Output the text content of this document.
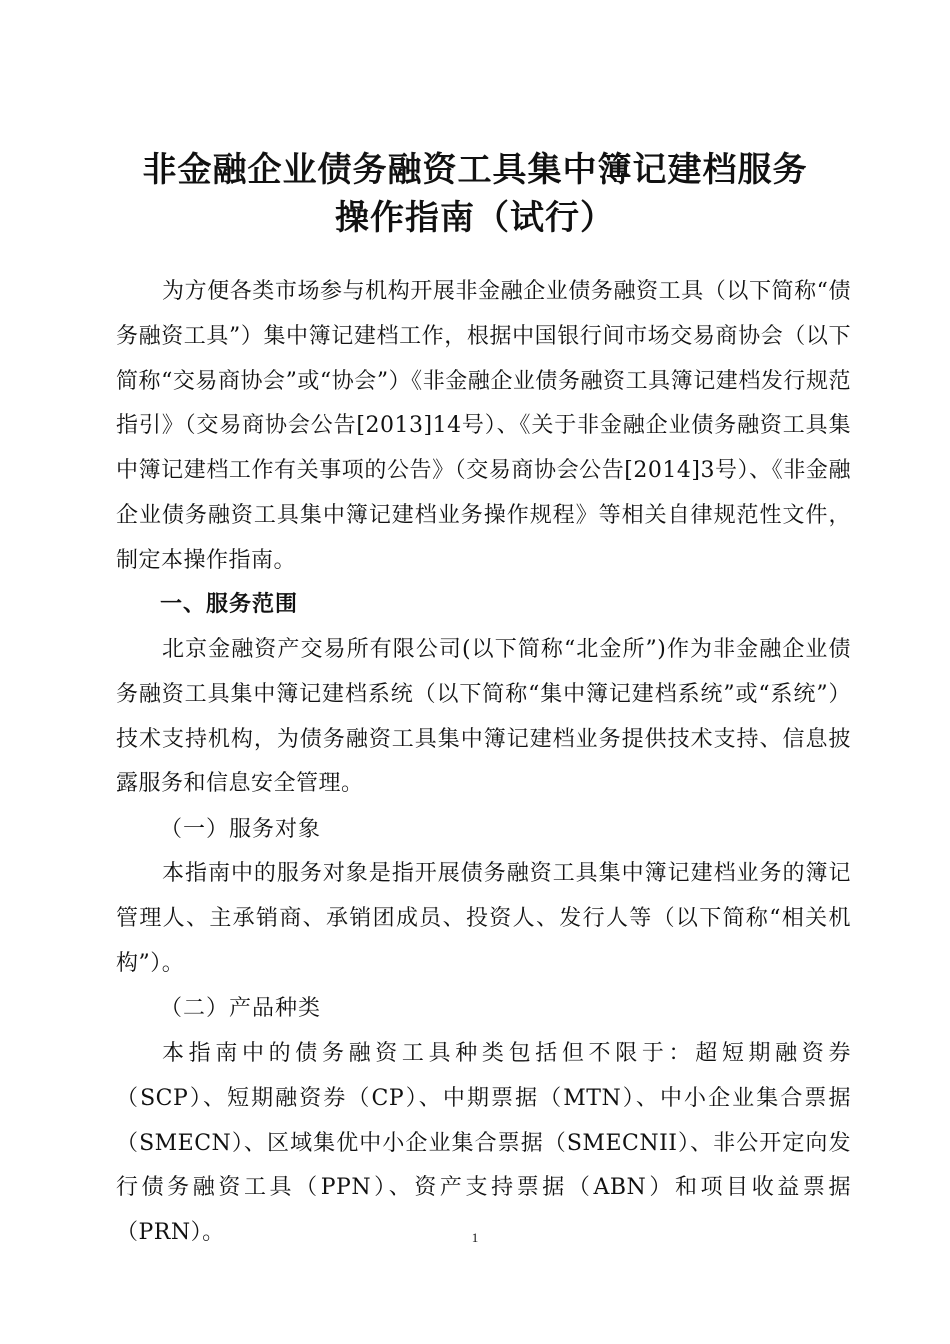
非金融企业债务融资工具集中簿记建档服务
操作指南（试行）

为方便各类市场参与机构开展非金融企业债务融资工具（以下简称“债务融资工具”）集中簿记建档工作，根据中国银行间市场交易商协会（以下简称“交易商协会”或“协会”）《非金融企业债务融资工具簿记建档发行规范指引》（交易商协会公告[2013]14号）、《关于非金融企业债务融资工具集中簿记建档工作有关事项的公告》（交易商协会公告[2014]3号）、《非金融企业债务融资工具集中簿记建档业务操作规程》等相关自律规范性文件，制定本操作指南。

一、服务范围

北京金融资产交易所有限公司(以下简称“北金所”)作为非金融企业债务融资工具集中簿记建档系统（以下简称“集中簿记建档系统”或“系统”）技术支持机构，为债务融资工具集中簿记建档业务提供技术支持、信息披露服务和信息安全管理。

（一）服务对象

本指南中的服务对象是指开展债务融资工具集中簿记建档业务的簿记管理人、主承销商、承销团成员、投资人、发行人等（以下简称“相关机构”）。

（二）产品种类

本指南中的债务融资工具种类包括但不限于：超短期融资券（SCP）、短期融资券（CP）、中期票据（MTN）、中小企业集合票据（SMECN）、区域集优中小企业集合票据（SMECNII）、非公开定向发行债务融资工具（PPN）、资产支持票据（ABN）和项目收益票据（PRN）。	1
